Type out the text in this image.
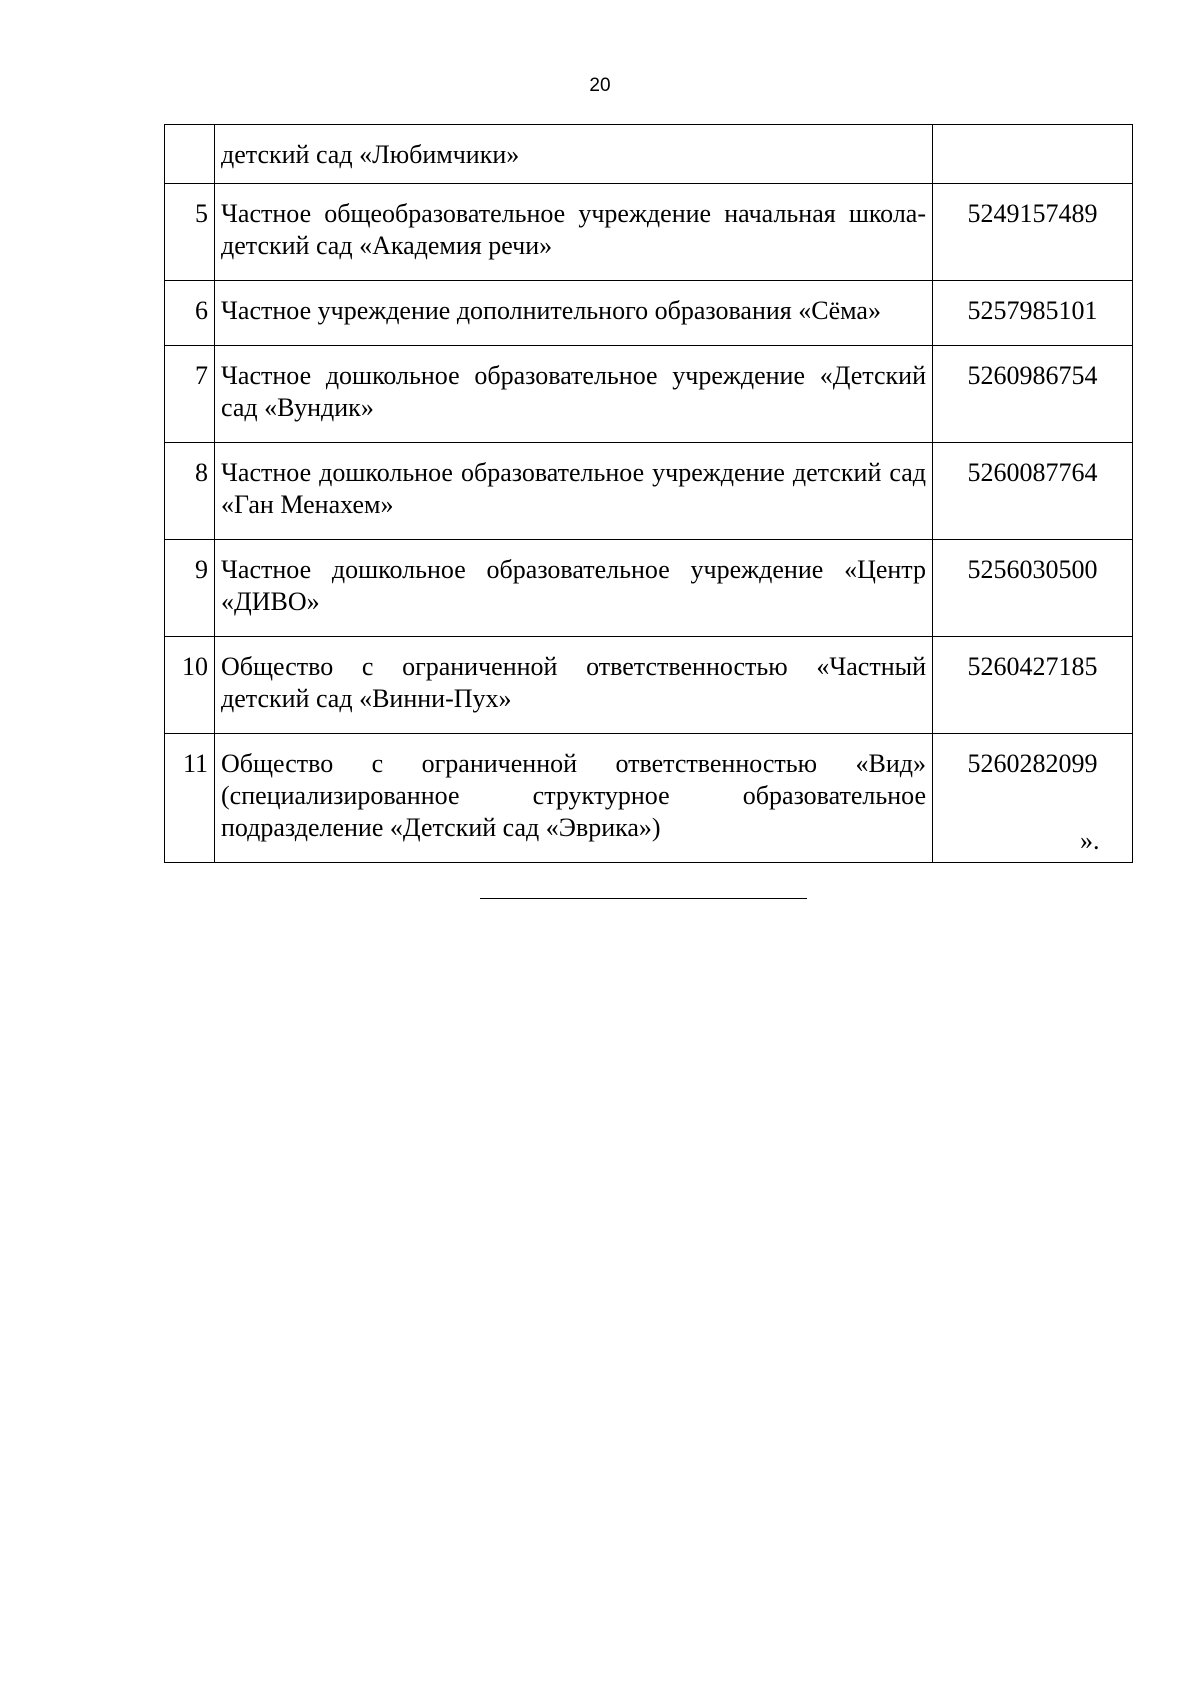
20
	детский сад «Любимчики»	
5	Частное общеобразовательное учреждение начальная школа-детский сад «Академия речи»	5249157489
6	Частное учреждение дополнительного образования «Сёма»	5257985101
7	Частное дошкольное образовательное учреждение «Детский сад «Вундик»	5260986754
8	Частное дошкольное образовательное учреждение детский сад «Ган Менахем»	5260087764
9	Частное дошкольное образовательное учреждение «Центр «ДИВО»	5256030500
10	Общество с ограниченной ответственностью «Частный детский сад «Винни-Пух»	5260427185
11	Общество с ограниченной ответственностью «Вид» (специализированное структурное образовательное подразделение «Детский сад «Эврика»)	5260282099
».
